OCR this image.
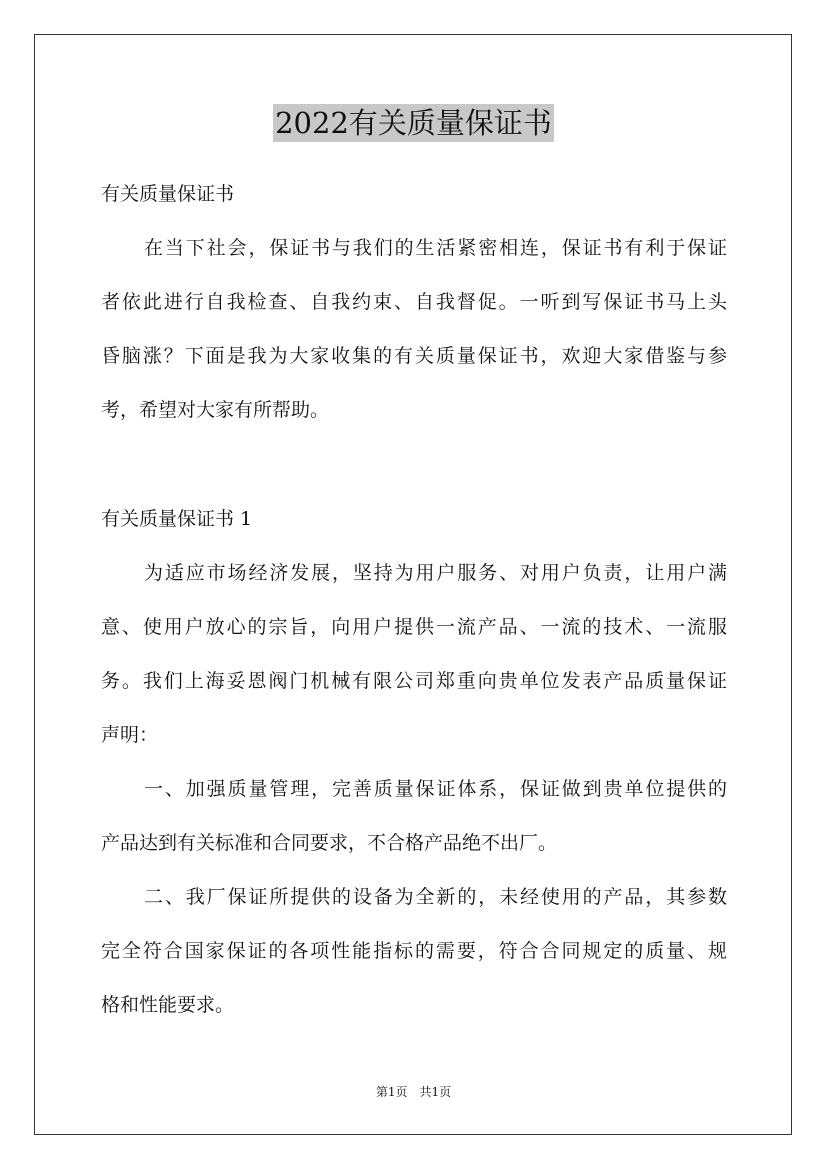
2022有关质量保证书
有关质量保证书
在当下社会，保证书与我们的生活紧密相连，保证书有利于保证
者依此进行自我检查、自我约束、自我督促。一听到写保证书马上头
昏脑涨？下面是我为大家收集的有关质量保证书，欢迎大家借鉴与参
考，希望对大家有所帮助。
有关质量保证书 1
为适应市场经济发展，坚持为用户服务、对用户负责，让用户满
意、使用户放心的宗旨，向用户提供一流产品、一流的技术、一流服
务。我们上海妥恩阀门机械有限公司郑重向贵单位发表产品质量保证
声明：
一、加强质量管理，完善质量保证体系，保证做到贵单位提供的
产品达到有关标准和合同要求，不合格产品绝不出厂。
二、我厂保证所提供的设备为全新的，未经使用的产品，其参数
完全符合国家保证的各项性能指标的需要，符合合同规定的质量、规
格和性能要求。
第1页　共1页
